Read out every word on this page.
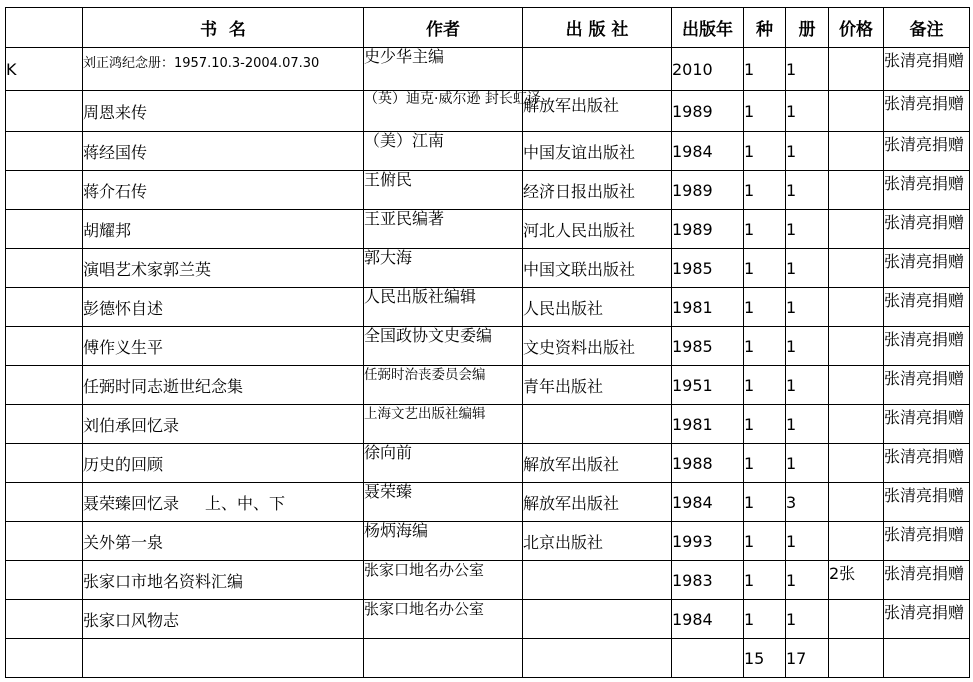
	书  名	作者	出 版 社	出版年	种	册	价格	备注
K	刘正鸿纪念册：1957.10.3-2004.07.30	史少华主编		2010	1	1		张清亮捐赠
	周恩来传	（英）迪克·威尔逊 封长虹译	解放军出版社	1989	1	1		张清亮捐赠
	蒋经国传	（美）江南	中国友谊出版社	1984	1	1		张清亮捐赠
	蒋介石传	王俯民	经济日报出版社	1989	1	1		张清亮捐赠
	胡耀邦	王亚民编著	河北人民出版社	1989	1	1		张清亮捐赠
	演唱艺术家郭兰英	郭大海	中国文联出版社	1985	1	1		张清亮捐赠
	彭德怀自述	人民出版社编辑	人民出版社	1981	1	1		张清亮捐赠
	傅作义生平	全国政协文史委编	文史资料出版社	1985	1	1		张清亮捐赠
	任弼时同志逝世纪念集	任弼时治丧委员会编	青年出版社	1951	1	1		张清亮捐赠
	刘伯承回忆录	上海文艺出版社编辑		1981	1	1		张清亮捐赠
	历史的回顾	徐向前	解放军出版社	1988	1	1		张清亮捐赠
	聂荣臻回忆录 上、中、下	聂荣臻	解放军出版社	1984	1	3		张清亮捐赠
	关外第一泉	杨炳海编	北京出版社	1993	1	1		张清亮捐赠
	张家口市地名资料汇编	张家口地名办公室		1983	1	1	2张	张清亮捐赠
	张家口风物志	张家口地名办公室		1984	1	1		张清亮捐赠
					15	17		
